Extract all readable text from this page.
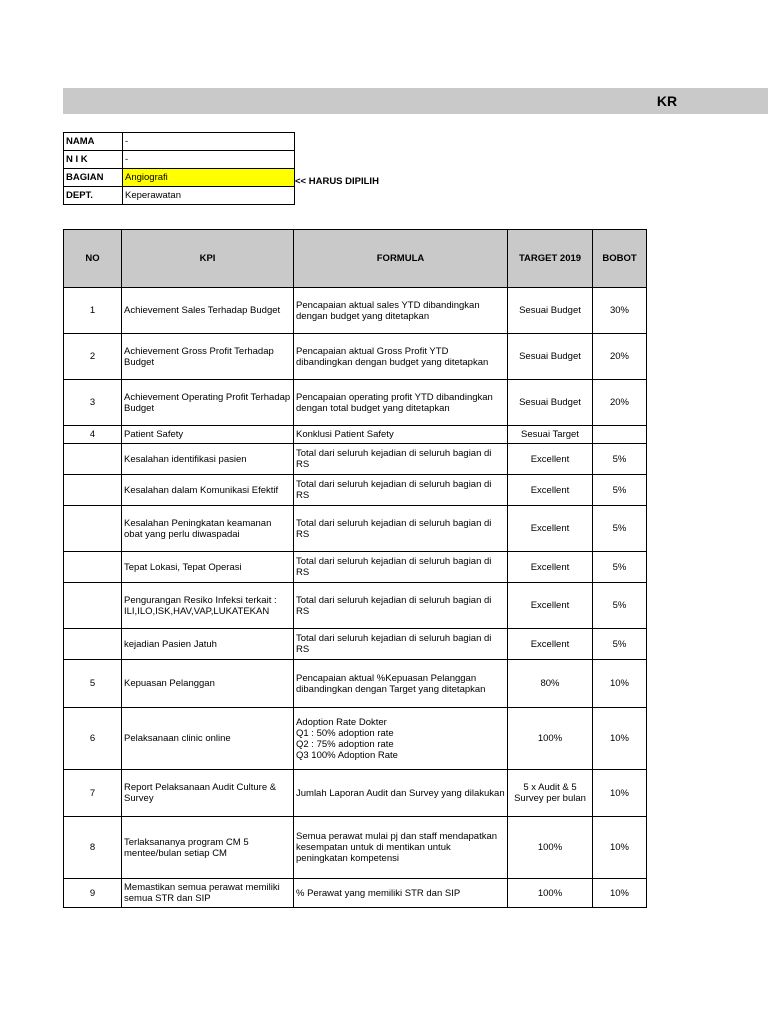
KR
NAMA	-
N I K	-
BAGIAN	Angiografi
DEPT.	Keperawatan
<< HARUS DIPILIH
NO	KPI	FORMULA	TARGET 2019	BOBOT
1	Achievement Sales Terhadap Budget	Pencapaian aktual sales YTD dibandingkan dengan budget yang ditetapkan	Sesuai Budget	30%
2	Achievement Gross Profit Terhadap Budget	Pencapaian aktual Gross Profit YTD dibandingkan dengan budget yang ditetapkan	Sesuai Budget	20%
3	Achievement Operating Profit Terhadap Budget	Pencapaian operating profit YTD dibandingkan dengan total budget yang ditetapkan	Sesuai Budget	20%
4	Patient Safety	Konklusi Patient Safety	Sesuai Target	
	Kesalahan identifikasi pasien	Total dari seluruh kejadian di seluruh bagian di RS	Excellent	5%
	Kesalahan dalam Komunikasi Efektif	Total dari seluruh kejadian di seluruh bagian di RS	Excellent	5%
	Kesalahan Peningkatan keamanan obat yang perlu diwaspadai	Total dari seluruh kejadian di seluruh bagian di RS	Excellent	5%
	Tepat Lokasi, Tepat Operasi	Total dari seluruh kejadian di seluruh bagian di RS	Excellent	5%
	Pengurangan Resiko Infeksi terkait : ILI,ILO,ISK,HAV,VAP,LUKATEKAN	Total dari seluruh kejadian di seluruh bagian di RS	Excellent	5%
	kejadian Pasien Jatuh	Total dari seluruh kejadian di seluruh bagian di RS	Excellent	5%
5	Kepuasan Pelanggan	Pencapaian aktual %Kepuasan Pelanggan dibandingkan dengan Target yang ditetapkan	80%	10%
6	Pelaksanaan clinic online	Adoption Rate Dokter
Q1 : 50% adoption rate
Q2 : 75% adoption rate
Q3 100% Adoption Rate	100%	10%
7	Report Pelaksanaan Audit Culture & Survey	Jumlah Laporan Audit dan Survey yang dilakukan	5 x Audit & 5 Survey per bulan	10%
8	Terlaksananya program CM 5 mentee/bulan setiap CM	Semua perawat mulai pj dan staff mendapatkan kesempatan untuk di mentikan untuk peningkatan kompetensi	100%	10%
9	Memastikan semua perawat memiliki semua STR dan SIP	% Perawat yang memiliki STR dan SIP	100%	10%
